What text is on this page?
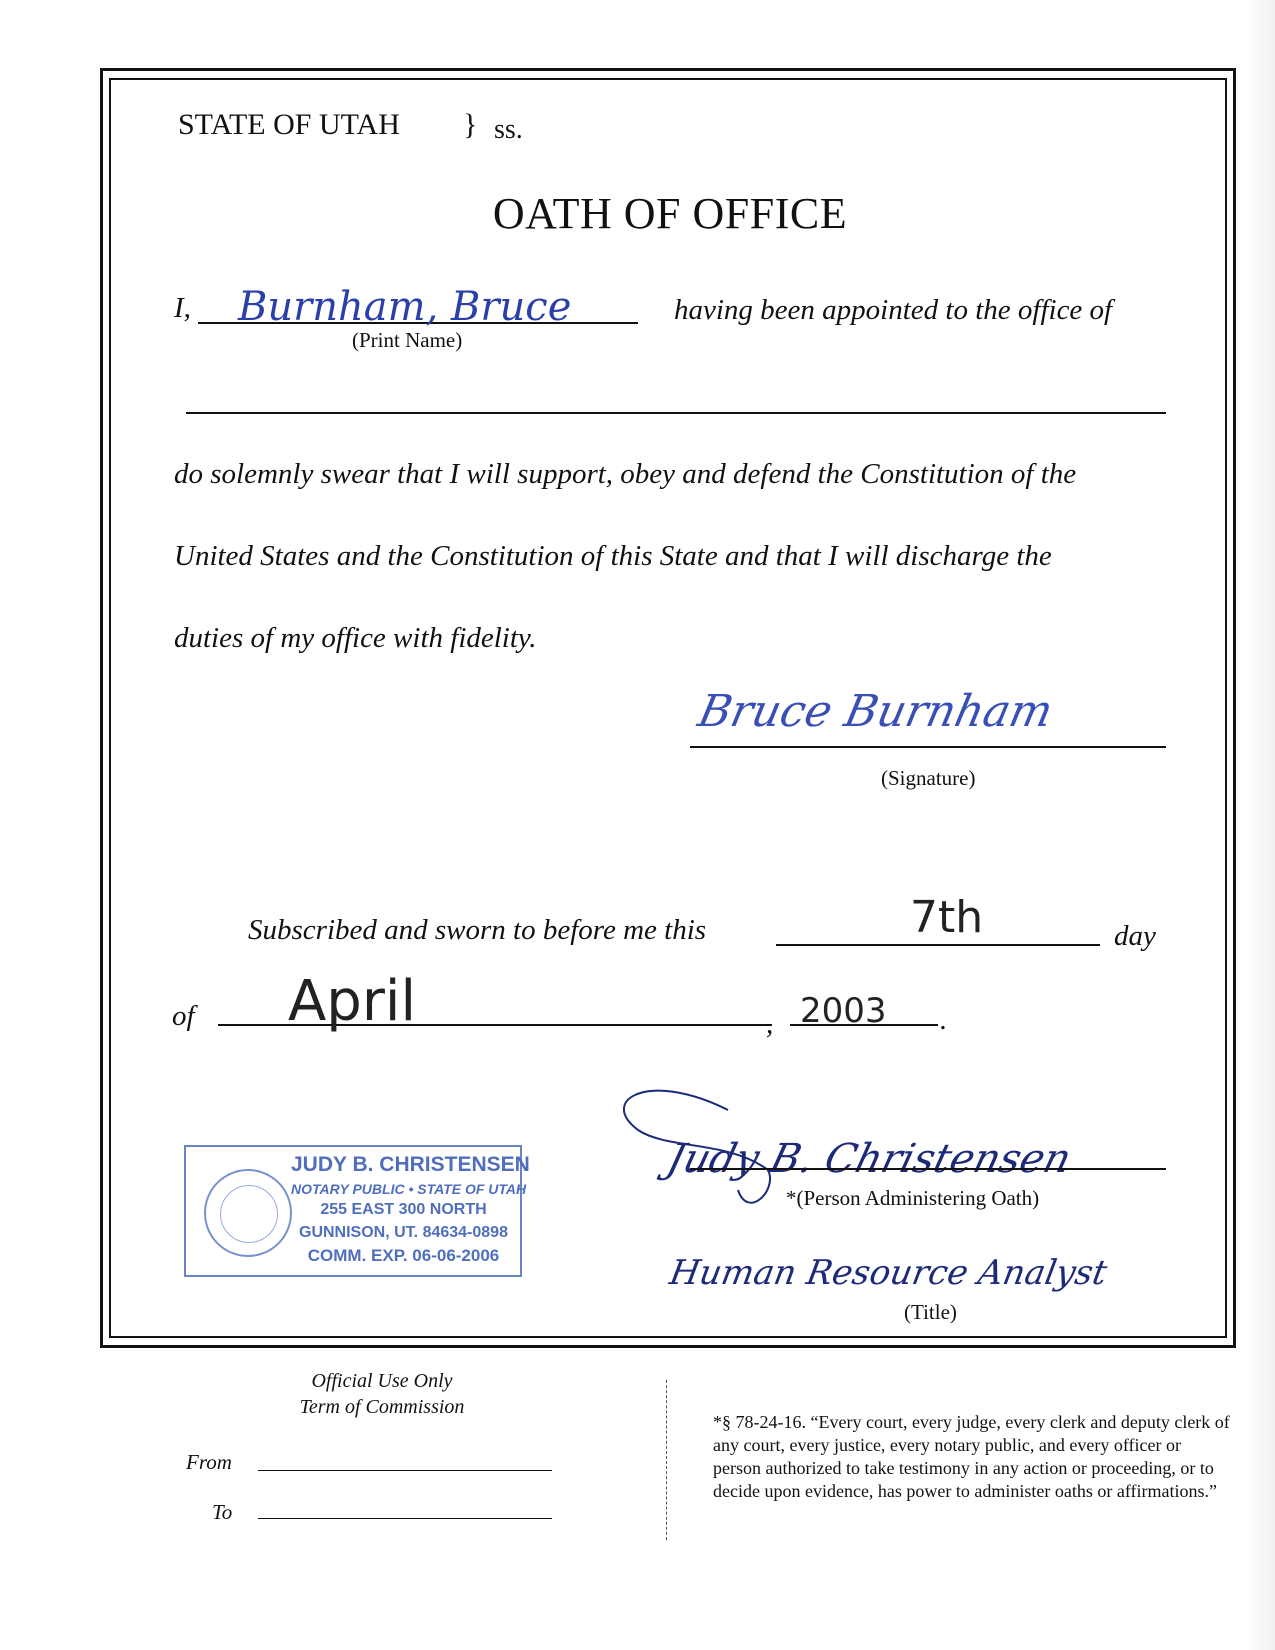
STATE OF UTAH } ss.
OATH OF OFFICE
I, Burnham, Bruce
(Print Name)
having been appointed to the office of
do solemnly swear that I will support, obey and defend the Constitution of the
United States and the Constitution of this State and that I will discharge the
duties of my office with fidelity.
Bruce Burnham
(Signature)
Subscribed and sworn to before me this	7th	day
of April	, 2003 .
JUDY B. CHRISTENSEN
NOTARY PUBLIC • STATE OF UTAH
255 EAST 300 NORTH
GUNNISON, UT. 84634-0898
COMM. EXP. 06-06-2006
Judy B. Christensen
*(Person Administering Oath)
Human Resource Analyst
(Title)
Official Use Only
Term of Commission
From
To
*§ 78-24-16. “Every court, every judge, every clerk and deputy clerk of any court, every justice, every notary public, and every officer or person authorized to take testimony in any action or proceeding, or to decide upon evidence, has power to administer oaths or affirmations.”
